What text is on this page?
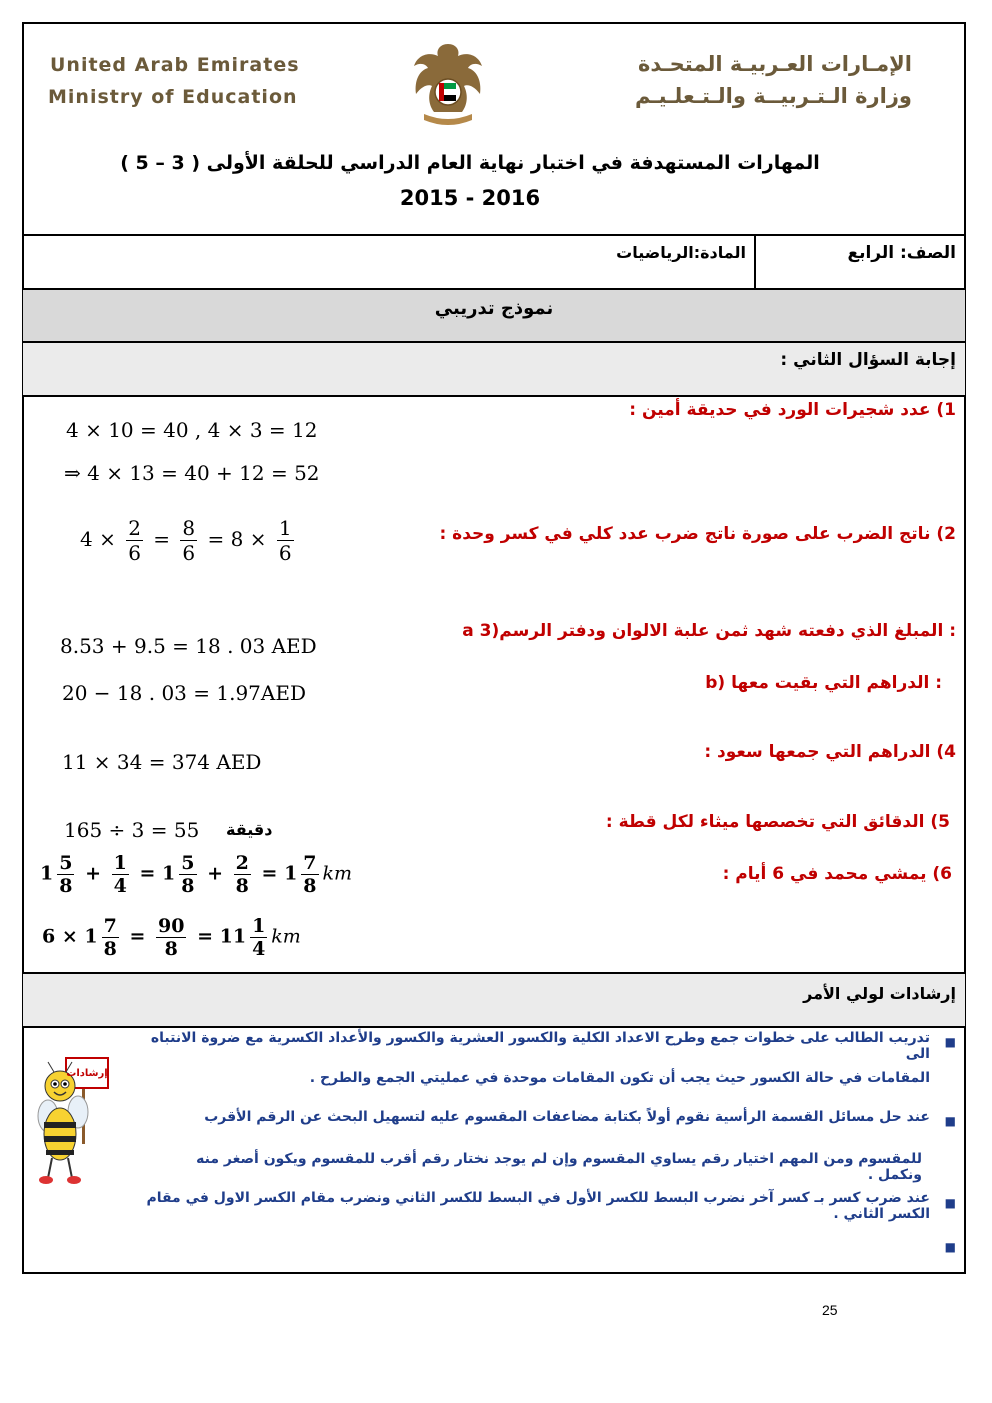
United Arab Emirates
Ministry of Education
الإمـارات العـربيـة المتحـدة
وزارة الـتـربيــة والـتـعلـيـم
المهارات المستهدفة في اختبار نهاية العام الدراسي للحلقة الأولى ( 3 – 5 )
2015 - 2016
الصف: الرابع
المادة:الرياضيات
نموذج تدريبي
إجابة السؤال الثاني :
1) عدد شجيرات الورد في حديقة أمين :
4 × 10 = 40 , 4 × 3 = 12
⇒ 4 × 13 = 40 + 12 = 52
2) ناتج الضرب على صورة ناتج ضرب عدد كلي في كسر وحدة :
$4 \times \frac{2}{6} = \frac{8}{6} = 8 \times \frac{1}{6}$
a 3)المبلغ الذي دفعته شهد ثمن علبة الالوان ودفتر الرسم :
8.53 + 9.5 = 18 . 03 AED
b) الدراهم التي بقيت معها :
20 − 18 . 03 = 1.97AED
4) الدراهم التي جمعها سعود :
11 × 34 = 374 AED
5) الدقائق التي تخصصها ميثاء لكل قطة :
165 ÷ 3 = 55 دقيقة
6) يمشي محمد في 6 أيام :
$1 \frac{5}{8} + \frac{1}{4} = 1 \frac{5}{8} + \frac{2}{8} = 1 \frac{7}{8}$ km
$6 \times 1 \frac{7}{8} = \frac{90}{8} = 11 \frac{1}{4}$ km
إرشادات لولي الأمر
■
تدريب الطالب على خطوات جمع وطرح الاعداد الكلية والكسور العشرية والكسور والأعداد الكسرية مع ضروة الانتباه الى
المقامات في حالة الكسور حيث يجب أن تكون المقامات موحدة في عمليتي الجمع والطرح .
■
عند حل مسائل القسمة الرأسية نقوم أولاً بكتابة مضاعفات المقسوم عليه لتسهيل البحث عن الرقم الأقرب
للمقسوم ومن المهم اختيار رقم يساوي المقسوم وإن لم يوجد نختار رقم أقرب للمقسوم ويكون أصغر منه ونكمل .
■
عند ضرب كسر بـ كسر آخر نضرب البسط للكسر الأول في البسط للكسر الثاني ونضرب مقام الكسر الاول في مقام الكسر الثاني .
■
إرشادات
25
